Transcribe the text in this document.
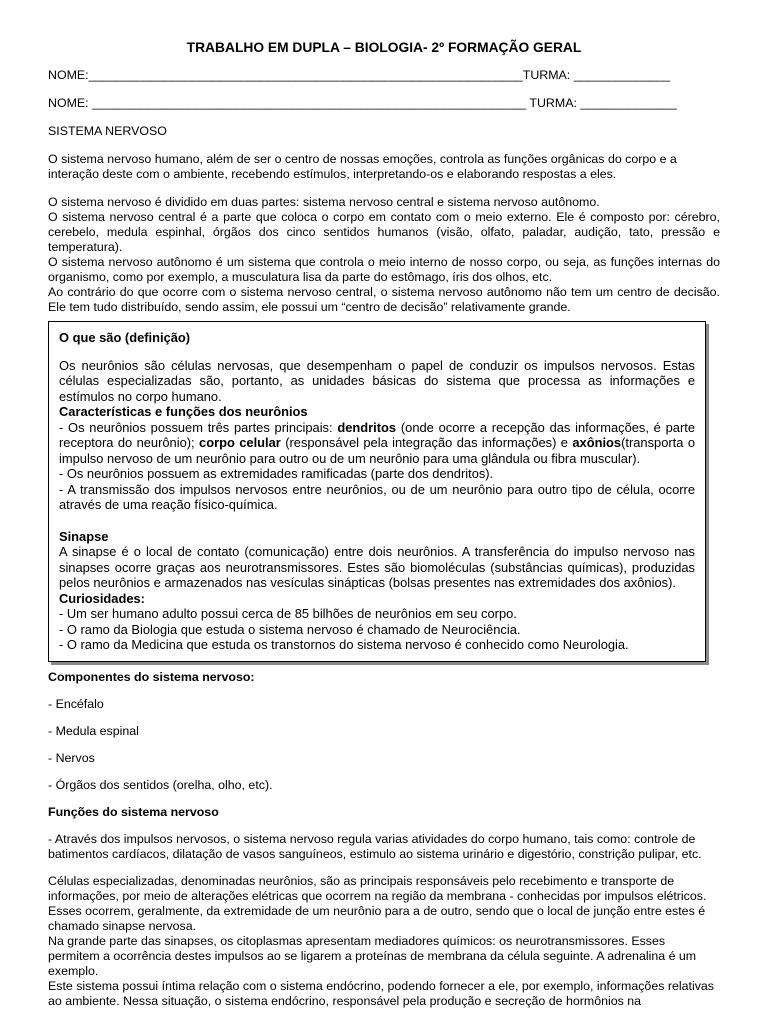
TRABALHO EM DUPLA – BIOLOGIA- 2º FORMAÇÃO GERAL
NOME:_______________________________________________________________TURMA: ______________
NOME: _______________________________________________________________ TURMA: ______________

SISTEMA NERVOSO

O sistema nervoso humano, além de ser o centro de nossas emoções, controla as funções orgânicas do corpo e a interação deste com o ambiente, recebendo estímulos, interpretando-os e elaborando respostas a eles.

O sistema nervoso é dividido em duas partes: sistema nervoso central e sistema nervoso autônomo.

O sistema nervoso central é a parte que coloca o corpo em contato com o meio externo. Ele é composto por: cérebro, cerebelo, medula espinhal, órgãos dos cinco sentidos humanos (visão, olfato, paladar, audição, tato, pressão e temperatura).

O sistema nervoso autônomo é um sistema que controla o meio interno de nosso corpo, ou seja, as funções internas do organismo, como por exemplo, a musculatura lisa da parte do estômago, íris dos olhos, etc.

Ao contrário do que ocorre com o sistema nervoso central, o sistema nervoso autônomo não tem um centro de decisão. Ele tem tudo distribuído, sendo assim, ele possui um “centro de decisão” relativamente grande.

O que são (definição)

Os neurônios são células nervosas, que desempenham o papel de conduzir os impulsos nervosos. Estas células especializadas são, portanto, as unidades básicas do sistema que processa as informações e estímulos no corpo humano.

Características e funções dos neurônios

- Os neurônios possuem três partes principais: dendritos (onde ocorre a recepção das informações, é parte receptora do neurônio); corpo celular (responsável pela integração das informações) e axônios(transporta o impulso nervoso de um neurônio para outro ou de um neurônio para uma glândula ou fibra muscular).

- Os neurônios possuem as extremidades ramificadas (parte dos dendritos).

- A transmissão dos impulsos nervosos entre neurônios, ou de um neurônio para outro tipo de célula, ocorre através de uma reação físico-química.

Sinapse

A sinapse é o local de contato (comunicação) entre dois neurônios. A transferência do impulso nervoso nas sinapses ocorre graças aos neurotransmissores. Estes são biomoléculas (substâncias químicas), produzidas pelos neurônios e armazenados nas vesículas sinápticas (bolsas presentes nas extremidades dos axônios).

Curiosidades:

- Um ser humano adulto possui cerca de 85 bilhões de neurônios em seu corpo.

- O ramo da Biologia que estuda o sistema nervoso é chamado de Neurociência.

- O ramo da Medicina que estuda os transtornos do sistema nervoso é conhecido como Neurologia.

Componentes do sistema nervoso:

- Encéfalo

- Medula espinal

- Nervos

- Órgãos dos sentidos (orelha, olho, etc).

Funções do sistema nervoso

- Através dos impulsos nervosos, o sistema nervoso regula varias atividades do corpo humano, tais como: controle de batimentos cardíacos, dilatação de vasos sanguíneos, estimulo ao sistema urinário e digestório, constrição pulipar, etc.

Células especializadas, denominadas neurônios, são as principais responsáveis pelo recebimento e transporte de informações, por meio de alterações elétricas que ocorrem na região da membrana - conhecidas por impulsos elétricos. Esses ocorrem, geralmente, da extremidade de um neurônio para a de outro, sendo que o local de junção entre estes é chamado sinapse nervosa.

Na grande parte das sinapses, os citoplasmas apresentam mediadores químicos: os neurotransmissores. Esses permitem a ocorrência destes impulsos ao se ligarem a proteínas de membrana da célula seguinte. A adrenalina é um exemplo.

Este sistema possui íntima relação com o sistema endócrino, podendo fornecer a ele, por exemplo, informações relativas ao ambiente. Nessa situação, o sistema endócrino, responsável pela produção e secreção de hormônios na
